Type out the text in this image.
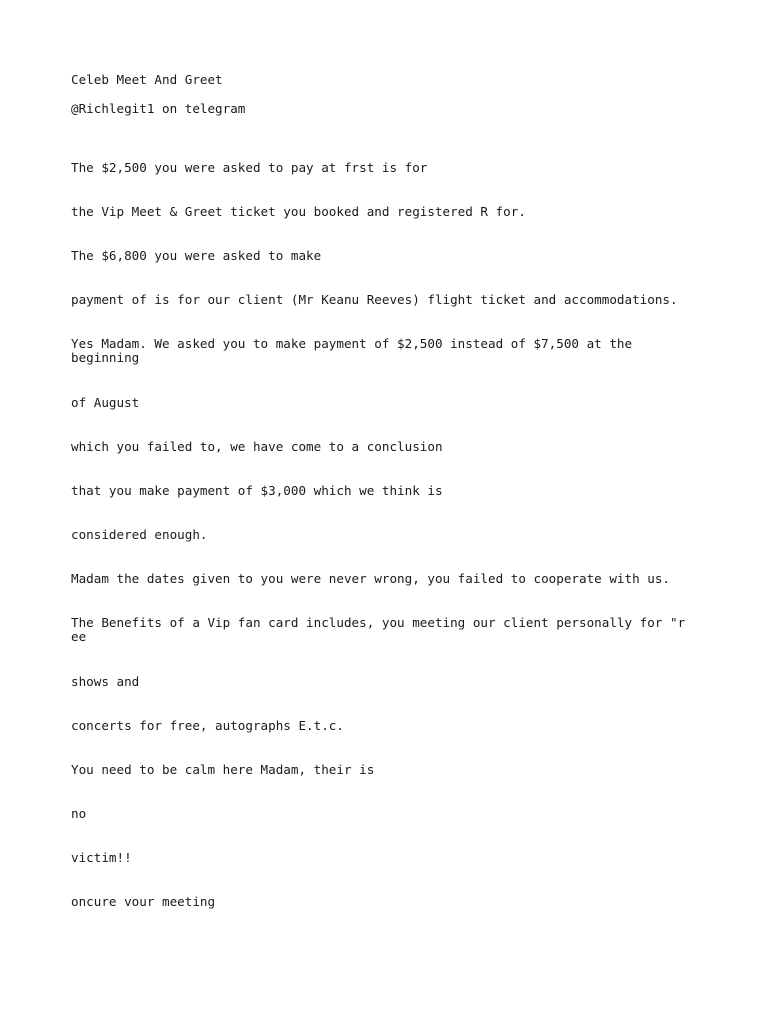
Celeb Meet And Greet

@Richlegit1 on telegram

The $2,500 you were asked to pay at frst is for

the Vip Meet & Greet ticket you booked and registered R for.

The $6,800 you were asked to make

payment of is for our client (Mr Keanu Reeves) flight ticket and accommodations.

Yes Madam. We asked you to make payment of $2,500 instead of $7,500 at the beginning

of August

which you failed to, we have come to a conclusion

that you make payment of $3,000 which we think is

considered enough.

Madam the dates given to you were never wrong, you failed to cooperate with us.

The Benefits of a Vip fan card includes, you meeting our client personally for "ree

shows and

concerts for free, autographs E.t.c.

You need to be calm here Madam, their is

no

victim!!

oncure vour meeting
